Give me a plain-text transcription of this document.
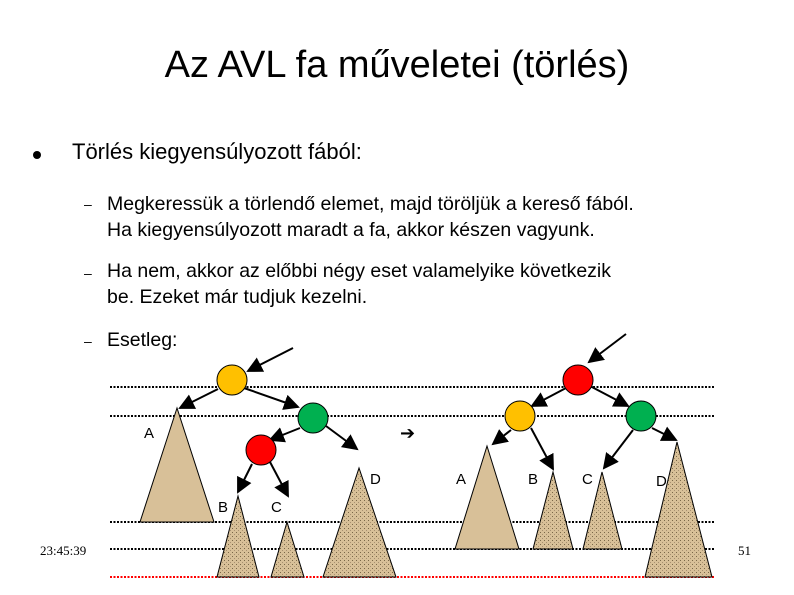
Az AVL fa műveletei (törlés)
Törlés kiegyensúlyozott fából:
– Megkeressük a törlendő elemet, majd töröljük a kereső fából.
Ha kiegyensúlyozott maradt a fa, akkor készen vagyunk.
– Ha nem, akkor az előbbi négy eset valamelyike következik
be. Ezeket már tudjuk kezelni.
– Esetleg:
A
B	C
D
➔
A	B	C	D
23:45:39	51
